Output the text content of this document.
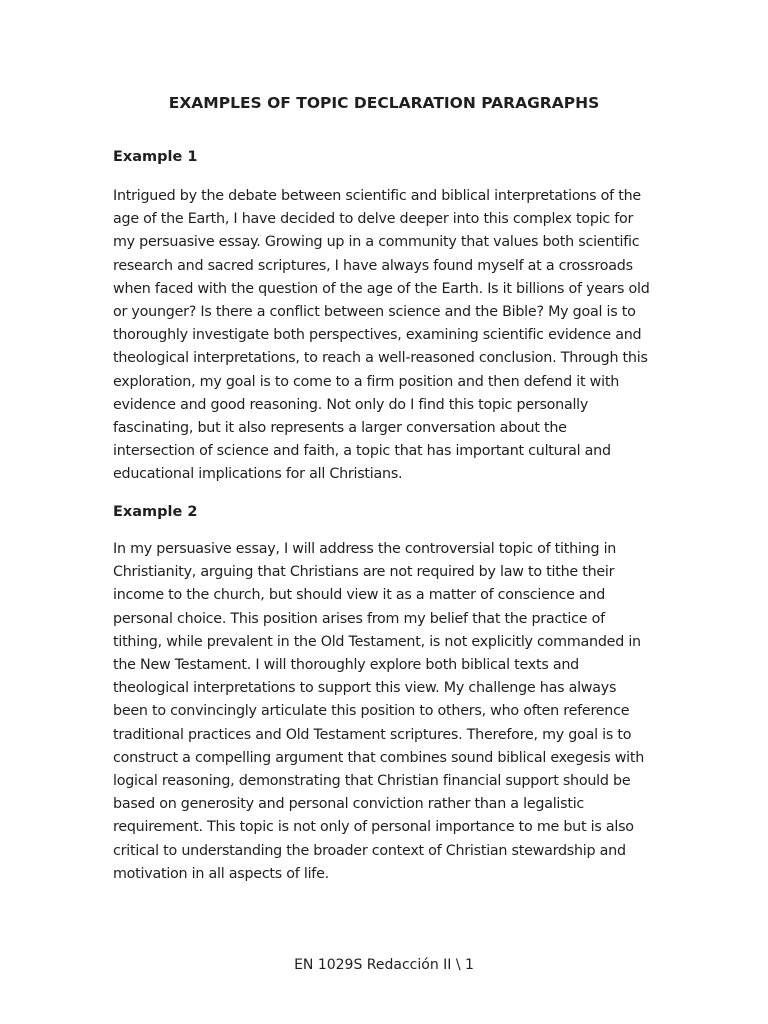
EXAMPLES OF TOPIC DECLARATION PARAGRAPHS
Example 1

Intrigued by the debate between scientific and biblical interpretations of the
age of the Earth, I have decided to delve deeper into this complex topic for
my persuasive essay. Growing up in a community that values both scientific
research and sacred scriptures, I have always found myself at a crossroads
when faced with the question of the age of the Earth. Is it billions of years old
or younger? Is there a conflict between science and the Bible? My goal is to
thoroughly investigate both perspectives, examining scientific evidence and
theological interpretations, to reach a well-reasoned conclusion. Through this
exploration, my goal is to come to a firm position and then defend it with
evidence and good reasoning. Not only do I find this topic personally
fascinating, but it also represents a larger conversation about the
intersection of science and faith, a topic that has important cultural and
educational implications for all Christians.

Example 2

In my persuasive essay, I will address the controversial topic of tithing in
Christianity, arguing that Christians are not required by law to tithe their
income to the church, but should view it as a matter of conscience and
personal choice. This position arises from my belief that the practice of
tithing, while prevalent in the Old Testament, is not explicitly commanded in
the New Testament. I will thoroughly explore both biblical texts and
theological interpretations to support this view. My challenge has always
been to convincingly articulate this position to others, who often reference
traditional practices and Old Testament scriptures. Therefore, my goal is to
construct a compelling argument that combines sound biblical exegesis with
logical reasoning, demonstrating that Christian financial support should be
based on generosity and personal conviction rather than a legalistic
requirement. This topic is not only of personal importance to me but is also
critical to understanding the broader context of Christian stewardship and
motivation in all aspects of life.

EN 1029S Redacción II \ 1
